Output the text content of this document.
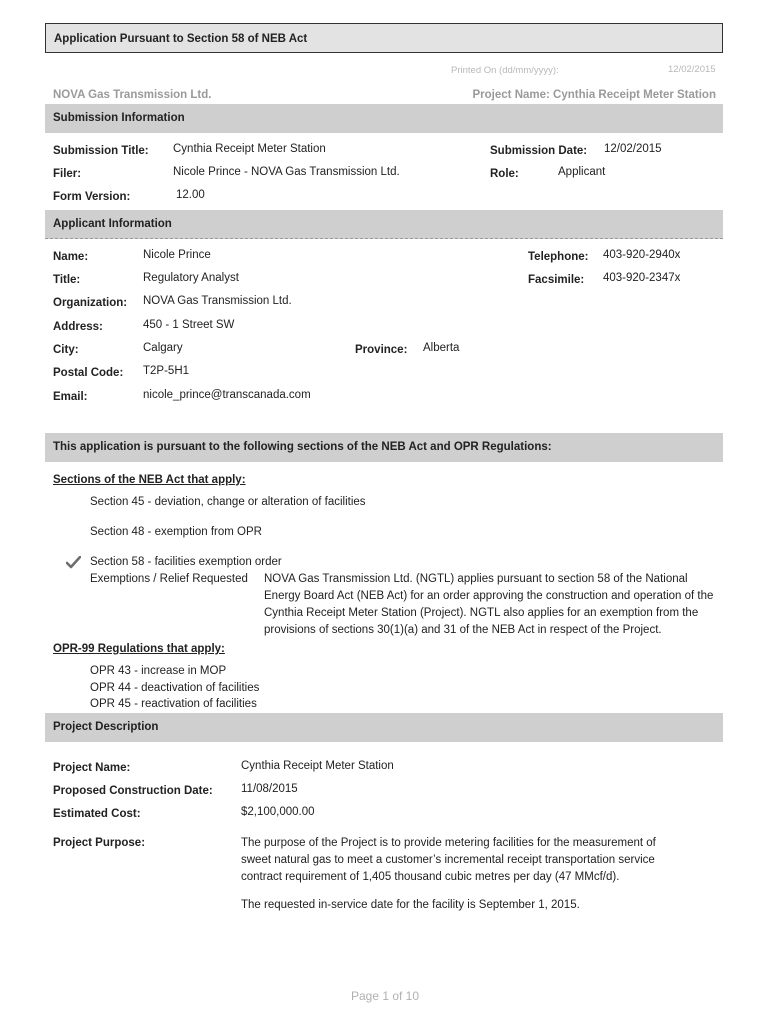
Application Pursuant to Section 58 of NEB Act
Printed On (dd/mm/yyyy):	12/02/2015
NOVA Gas Transmission Ltd.	Project Name: Cynthia Receipt Meter Station
Submission Information
Submission Title: Cynthia Receipt Meter Station	Submission Date: 12/02/2015
Filer:	Nicole Prince - NOVA Gas Transmission Ltd.	Role:	Applicant
Form Version:	12.00
Applicant Information
Name:	Nicole Prince	Telephone: 403-920-2940x
Title:	Regulatory Analyst	Facsimile: 403-920-2347x
Organization: NOVA Gas Transmission Ltd.
Address:	450 - 1 Street SW
City:	Calgary	Province: Alberta
Postal Code: T2P-5H1
Email:	nicole_prince@transcanada.com
This application is pursuant to the following sections of the NEB Act and OPR Regulations:
Sections of the NEB Act that apply:
Section 45 - deviation, change or alteration of facilities
Section 48 - exemption from OPR
Section 58 - facilities exemption order
Exemptions / Relief Requested NOVA Gas Transmission Ltd. (NGTL) applies pursuant to section 58 of the National
Energy Board Act (NEB Act) for an order approving the construction and operation of the
Cynthia Receipt Meter Station (Project). NGTL also applies for an exemption from the
provisions of sections 30(1)(a) and 31 of the NEB Act in respect of the Project.
OPR-99 Regulations that apply:
OPR 43 - increase in MOP
OPR 44 - deactivation of facilities
OPR 45 - reactivation of facilities
Project Description
Project Name:	Cynthia Receipt Meter Station
Proposed Construction Date: 11/08/2015
Estimated Cost:	$2,100,000.00
Project Purpose:	The purpose of the Project is to provide metering facilities for the measurement of
sweet natural gas to meet a customer’s incremental receipt transportation service
contract requirement of 1,405 thousand cubic metres per day (47 MMcf/d).
The requested in-service date for the facility is September 1, 2015.
Page 1 of 10
